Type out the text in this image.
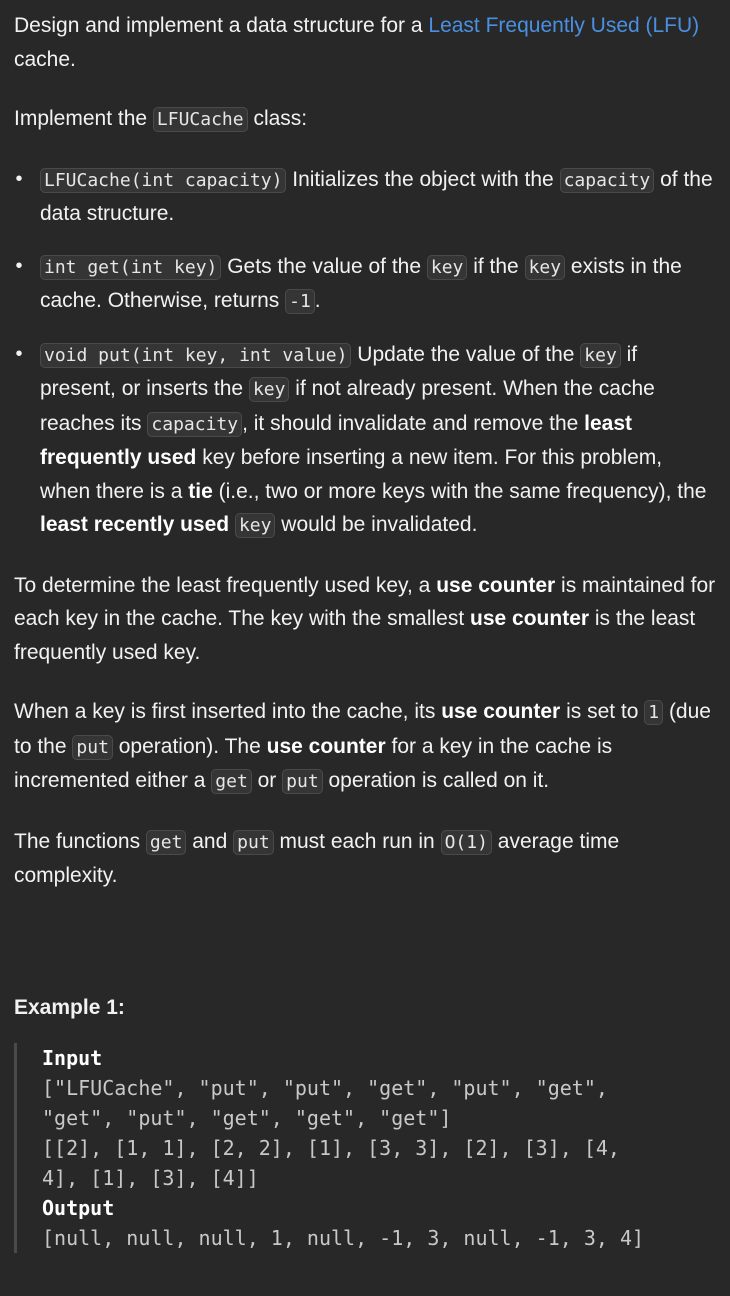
Design and implement a data structure for a Least Frequently Used (LFU) cache.

Implement the LFUCache class:

• LFUCache(int capacity) Initializes the object with the capacity of the data structure.
• int get(int key) Gets the value of the key if the key exists in the cache. Otherwise, returns -1 .
• void put(int key, int value) Update the value of the key if present, or inserts the key if not already present. When the cache reaches its capacity , it should invalidate and remove the least frequently used key before inserting a new item. For this problem, when there is a tie (i.e., two or more keys with the same frequency), the least recently used key would be invalidated.

To determine the least frequently used key, a use counter is maintained for each key in the cache. The key with the smallest use counter is the least frequently used key.

When a key is first inserted into the cache, its use counter is set to 1 (due to the put operation). The use counter for a key in the cache is incremented either a get or put operation is called on it.

The functions get and put must each run in O(1) average time complexity.

Example 1:
Input
["LFUCache", "put", "put", "get", "put", "get",
"get", "put", "get", "get", "get"]
[[2], [1, 1], [2, 2], [1], [3, 3], [2], [3], [4,
4], [1], [3], [4]]
Output
[null, null, null, 1, null, -1, 3, null, -1, 3, 4]
